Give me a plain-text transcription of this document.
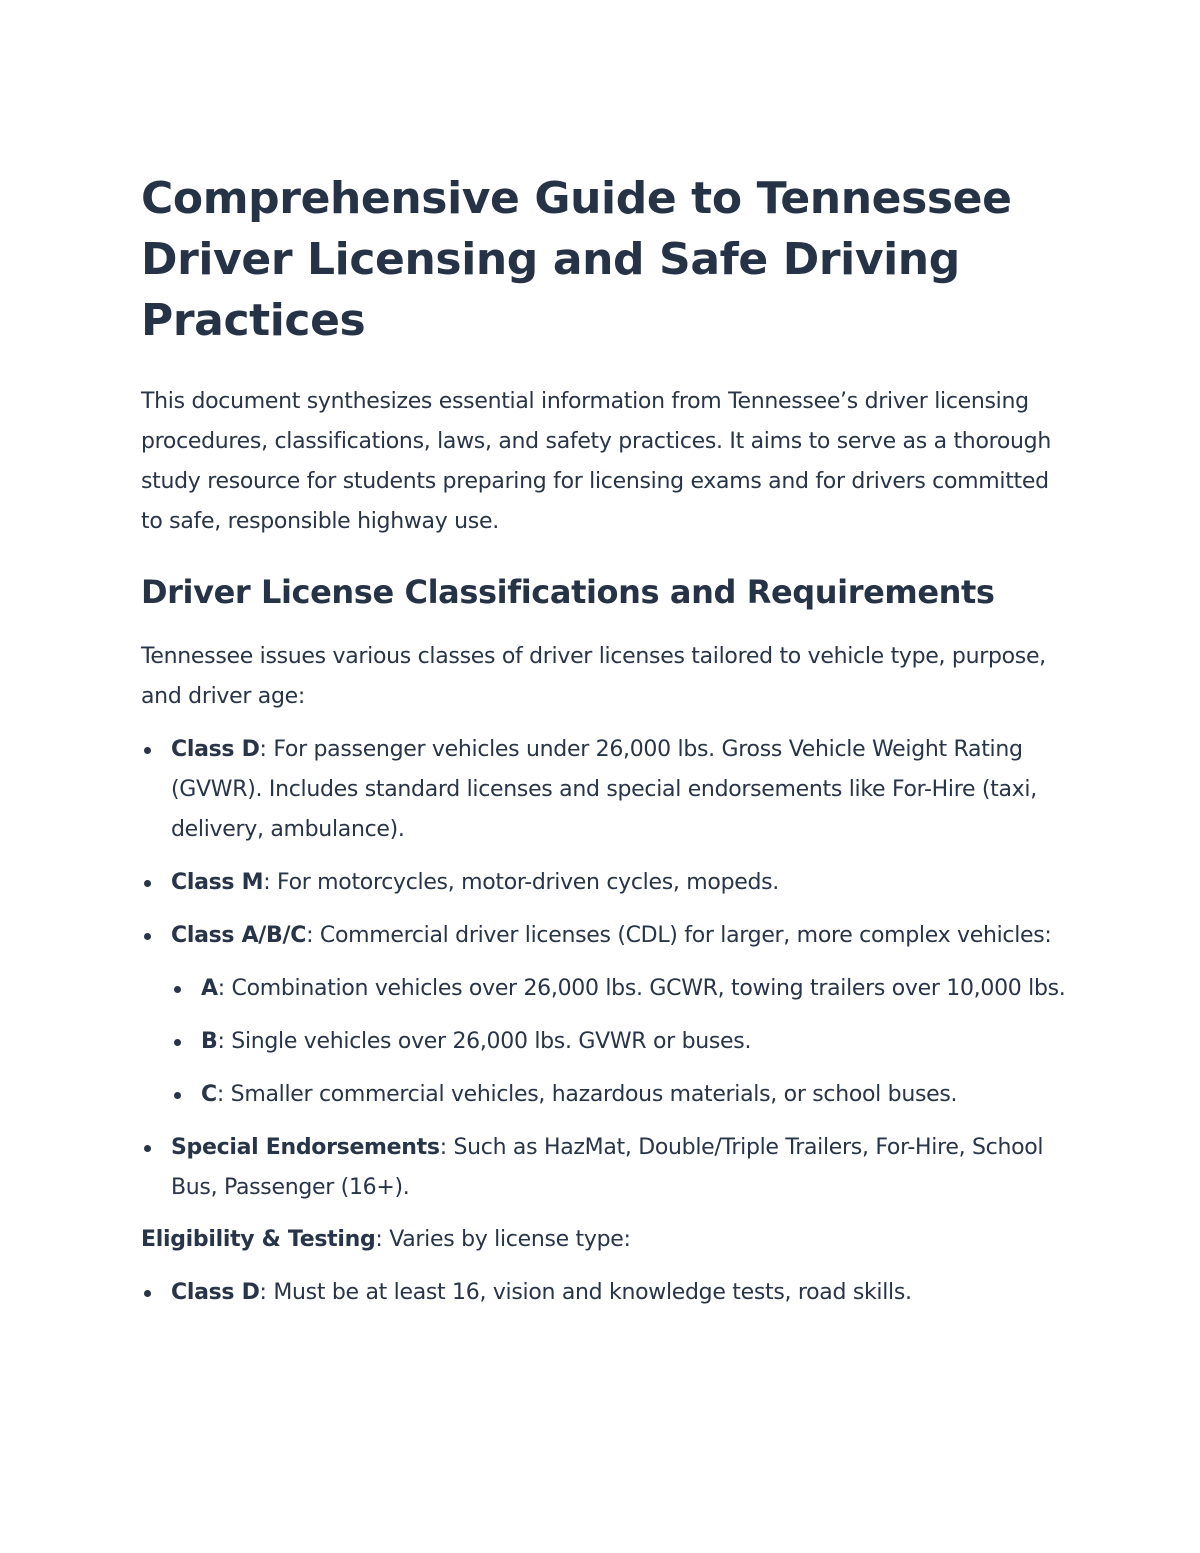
Comprehensive Guide to Tennessee Driver Licensing and Safe Driving Practices

This document synthesizes essential information from Tennessee’s driver licensing procedures, classifications, laws, and safety practices. It aims to serve as a thorough study resource for students preparing for licensing exams and for drivers committed to safe, responsible highway use.

Driver License Classifications and Requirements

Tennessee issues various classes of driver licenses tailored to vehicle type, purpose, and driver age:

Class D: For passenger vehicles under 26,000 lbs. Gross Vehicle Weight Rating (GVWR). Includes standard licenses and special endorsements like For-Hire (taxi, delivery, ambulance).
Class M: For motorcycles, motor-driven cycles, mopeds.
Class A/B/C: Commercial driver licenses (CDL) for larger, more complex vehicles:
A: Combination vehicles over 26,000 lbs. GCWR, towing trailers over 10,000 lbs.
B: Single vehicles over 26,000 lbs. GVWR or buses.
C: Smaller commercial vehicles, hazardous materials, or school buses.
Special Endorsements: Such as HazMat, Double/Triple Trailers, For-Hire, School Bus, Passenger (16+).

Eligibility & Testing: Varies by license type:

Class D: Must be at least 16, vision and knowledge tests, road skills.
